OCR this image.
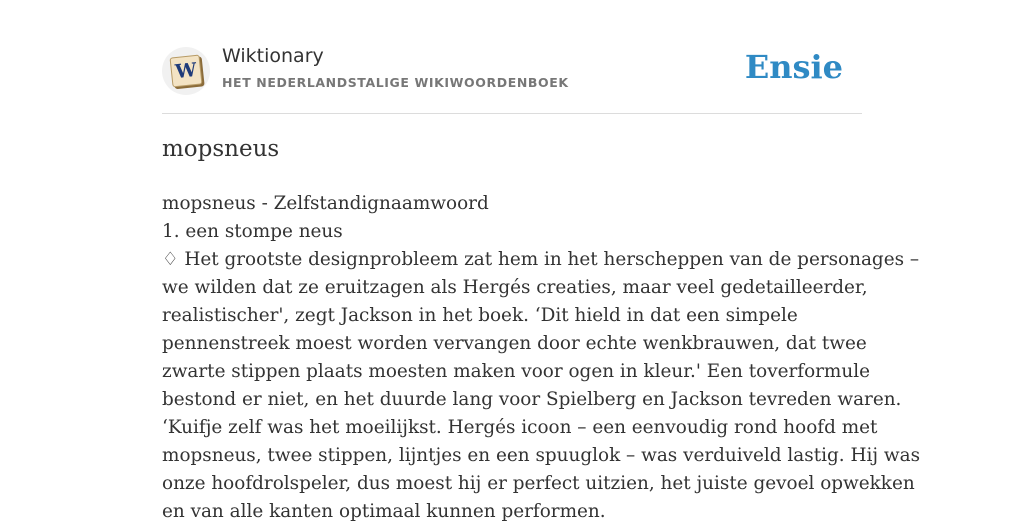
W
Wiktionary
HET NEDERLANDSTALIGE WIKIWOORDENBOEK	Ensie
mopsneus
mopsneus - Zelfstandignaamwoord
1. een stompe neus
♢ Het grootste designprobleem zat hem in het herscheppen van de personages –
we wilden dat ze eruitzagen als Hergés creaties, maar veel gedetailleerder,
realistischer', zegt Jackson in het boek. ‘Dit hield in dat een simpele
pennenstreek moest worden vervangen door echte wenkbrauwen, dat twee
zwarte stippen plaats moesten maken voor ogen in kleur.' Een toverformule
bestond er niet, en het duurde lang voor Spielberg en Jackson tevreden waren.
‘Kuifje zelf was het moeilijkst. Hergés icoon – een eenvoudig rond hoofd met
mopsneus, twee stippen, lijntjes en een spuuglok – was verduiveld lastig. Hij was
onze hoofdrolspeler, dus moest hij er perfect uitzien, het juiste gevoel opwekken
en van alle kanten optimaal kunnen performen.
